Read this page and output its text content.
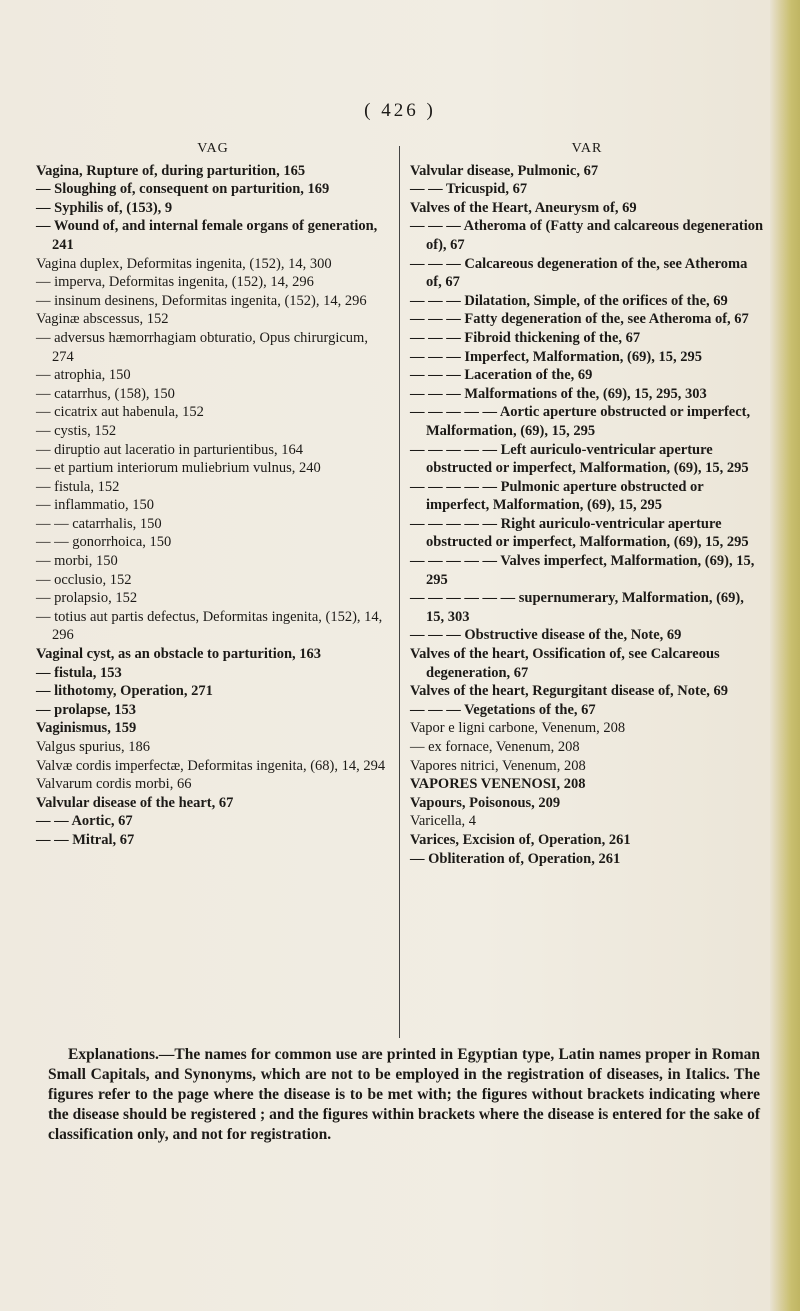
( 426 )
VAG
Vagina, Rupture of, during parturition, 165
— Sloughing of, consequent on parturition, 169
— Syphilis of, (153), 9
— Wound of, and internal female organs of generation, 241
Vagina duplex, Deformitas ingenita, (152), 14, 300
— imperva, Deformitas ingenita, (152), 14, 296
— insinum desinens, Deformitas ingenita, (152), 14, 296
Vaginæ abscessus, 152
— adversus hæmorrhagiam obturatio, Opus chirurgicum, 274
— atrophia, 150
— catarrhus, (158), 150
— cicatrix aut habenula, 152
— cystis, 152
— diruptio aut laceratio in parturientibus, 164
— et partium interiorum muliebrium vulnus, 240
— fistula, 152
— inflammatio, 150
— — catarrhalis, 150
— — gonorrhoica, 150
— morbi, 150
— occlusio, 152
— prolapsio, 152
— totius aut partis defectus, Deformitas ingenita, (152), 14, 296
Vaginal cyst, as an obstacle to parturition, 163
— fistula, 153
— lithotomy, Operation, 271
— prolapse, 153
Vaginismus, 159
Valgus spurius, 186
Valvæ cordis imperfectæ, Deformitas ingenita, (68), 14, 294
Valvarum cordis morbi, 66
Valvular disease of the heart, 67
— — Aortic, 67
— — Mitral, 67
VAR
Valvular disease, Pulmonic, 67
— — Tricuspid, 67
Valves of the Heart, Aneurysm of, 69
— — — Atheroma of (Fatty and calcareous degeneration of), 67
— — — Calcareous degeneration of the, see Atheroma of, 67
— — — Dilatation, Simple, of the orifices of the, 69
— — — Fatty degeneration of the, see Atheroma of, 67
— — — Fibroid thickening of the, 67
— — — Imperfect, Malformation, (69), 15, 295
— — — Laceration of the, 69
— — — Malformations of the, (69), 15, 295, 303
— — — — — Aortic aperture obstructed or imperfect, Malformation, (69), 15, 295
— — — — — Left auriculo-ventricular aperture obstructed or imperfect, Malformation, (69), 15, 295
— — — — — Pulmonic aperture obstructed or imperfect, Malformation, (69), 15, 295
— — — — — Right auriculo-ventricular aperture obstructed or imperfect, Malformation, (69), 15, 295
— — — — — Valves imperfect, Malformation, (69), 15, 295
— — — — — — supernumerary, Malformation, (69), 15, 303
— — — Obstructive disease of the, Note, 69
Valves of the heart, Ossification of, see Calcareous degeneration, 67
Valves of the heart, Regurgitant disease of, Note, 69
— — — Vegetations of the, 67
Vapor e ligni carbone, Venenum, 208
— ex fornace, Venenum, 208
Vapores nitrici, Venenum, 208
VAPORES VENENOSI, 208
Vapours, Poisonous, 209
Varicella, 4
Varices, Excision of, Operation, 261
— Obliteration of, Operation, 261
Explanations.—The names for common use are printed in Egyptian type, Latin names proper in Roman Small Capitals, and Synonyms, which are not to be employed in the registration of diseases, in Italics. The figures refer to the page where the disease is to be met with; the figures without brackets indicating where the disease should be registered ; and the figures within brackets where the disease is entered for the sake of classification only, and not for registration.
